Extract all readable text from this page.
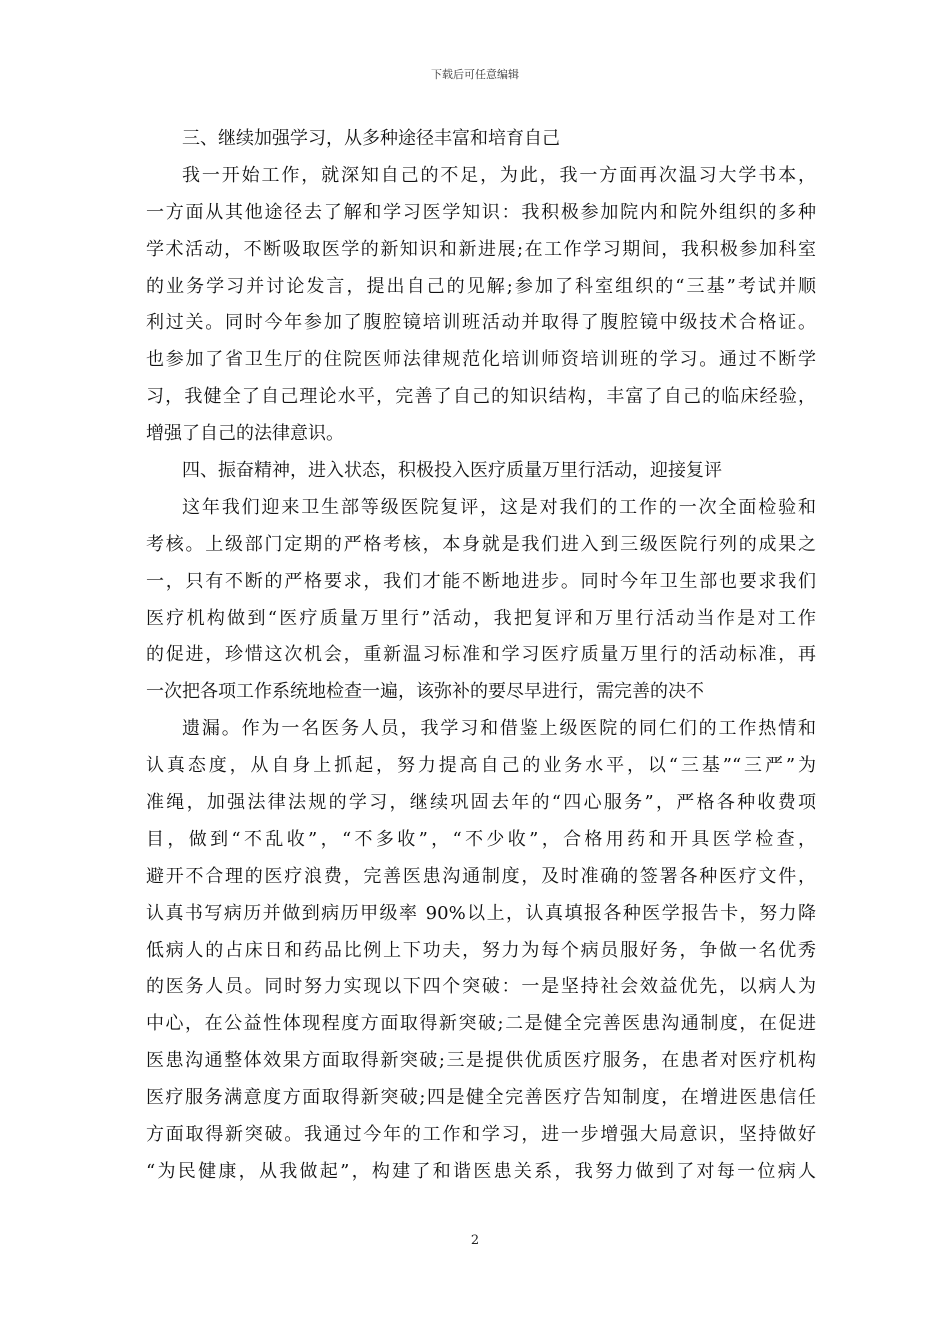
下载后可任意编辑
三、继续加强学习，从多种途径丰富和培育自己
我一开始工作，就深知自己的不足，为此，我一方面再次温习大学书本，
一方面从其他途径去了解和学习医学知识：我积极参加院内和院外组织的多种
学术活动，不断吸取医学的新知识和新进展;在工作学习期间，我积极参加科室
的业务学习并讨论发言，提出自己的见解;参加了科室组织的“三基”考试并顺
利过关。同时今年参加了腹腔镜培训班活动并取得了腹腔镜中级技术合格证。
也参加了省卫生厅的住院医师法律规范化培训师资培训班的学习。通过不断学
习，我健全了自己理论水平，完善了自己的知识结构，丰富了自己的临床经验，
增强了自己的法律意识。
四、振奋精神，进入状态，积极投入医疗质量万里行活动，迎接复评
这年我们迎来卫生部等级医院复评，这是对我们的工作的一次全面检验和
考核。上级部门定期的严格考核，本身就是我们进入到三级医院行列的成果之
一，只有不断的严格要求，我们才能不断地进步。同时今年卫生部也要求我们
医疗机构做到“医疗质量万里行”活动，我把复评和万里行活动当作是对工作
的促进，珍惜这次机会，重新温习标准和学习医疗质量万里行的活动标准，再
一次把各项工作系统地检查一遍，该弥补的要尽早进行，需完善的决不
遗漏。作为一名医务人员，我学习和借鉴上级医院的同仁们的工作热情和
认真态度，从自身上抓起，努力提高自己的业务水平，以“三基”“三严”为
准绳，加强法律法规的学习，继续巩固去年的“四心服务”，严格各种收费项
目，做到“不乱收”，“不多收”，“不少收”，合格用药和开具医学检查，
避开不合理的医疗浪费，完善医患沟通制度，及时准确的签署各种医疗文件，
认真书写病历并做到病历甲级率 90%以上，认真填报各种医学报告卡，努力降
低病人的占床日和药品比例上下功夫，努力为每个病员服好务，争做一名优秀
的医务人员。同时努力实现以下四个突破：一是坚持社会效益优先，以病人为
中心，在公益性体现程度方面取得新突破;二是健全完善医患沟通制度，在促进
医患沟通整体效果方面取得新突破;三是提供优质医疗服务，在患者对医疗机构
医疗服务满意度方面取得新突破;四是健全完善医疗告知制度，在增进医患信任
方面取得新突破。我通过今年的工作和学习，进一步增强大局意识，坚持做好
“为民健康，从我做起”，构建了和谐医患关系，我努力做到了对每一位病人
2
